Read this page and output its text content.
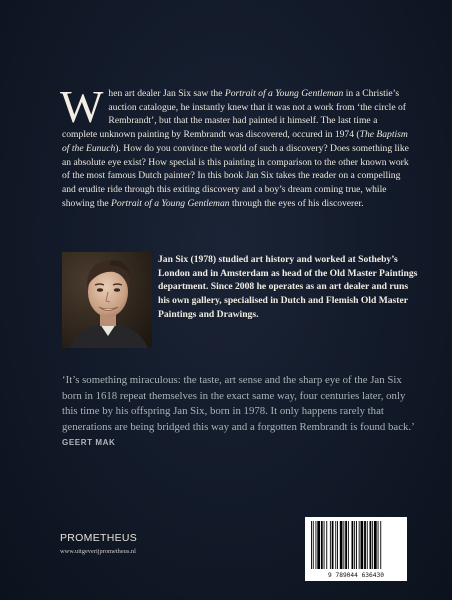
When art dealer Jan Six saw the Portrait of a Young Gentleman in a Christie’s auction catalogue, he instantly knew that it was not a work from ‘the circle of Rembrandt’, but that the master had painted it himself. The last time a complete unknown painting by Rembrandt was discovered, occured in 1974 (The Baptism of the Eunuch). How do you convince the world of such a discovery? Does something like an absolute eye exist? How special is this painting in comparison to the other known work of the most famous Dutch painter? In this book Jan Six takes the reader on a compelling and erudite ride through this exiting discovery and a boy’s dream coming true, while showing the Portrait of a Young Gentleman through the eyes of his discoverer.
Jan Six (1978) studied art history and worked at Sotheby’s London and in Amsterdam as head of the Old Master Paintings department. Since 2008 he operates as an art dealer and runs his own gallery, specialised in Dutch and Flemish Old Master Paintings and Drawings.
‘It’s something miraculous: the taste, art sense and the sharp eye of the Jan Six born in 1618 repeat themselves in the exact same way, four centuries later, only this time by his offspring Jan Six, born in 1978. It only happens rarely that generations are being bridged this way and a forgotten Rembrandt is found back.’ GEERT MAK
PROMETHEUS
www.uitgeverijprometheus.nl
9 789044 636430
